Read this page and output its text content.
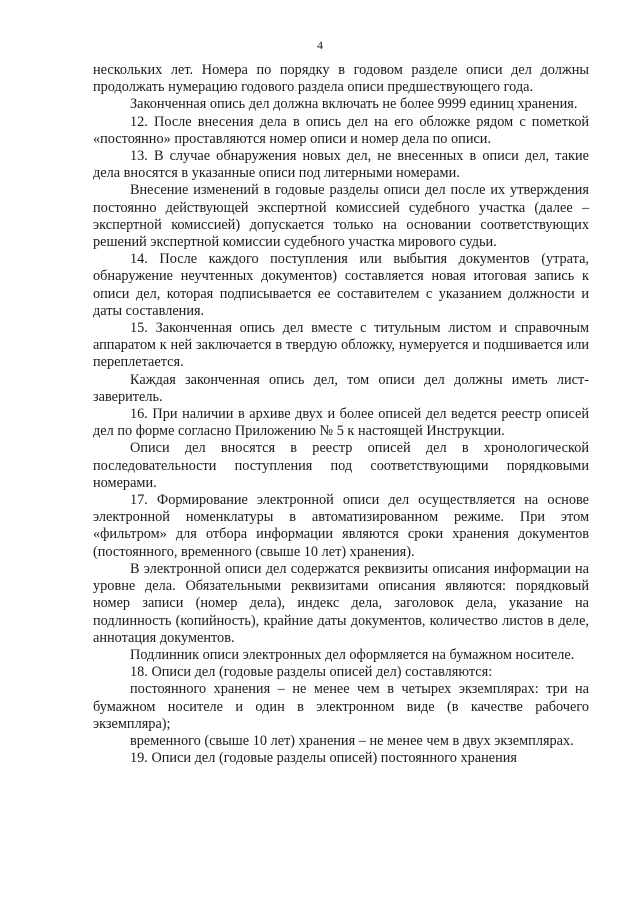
4

нескольких лет. Номера по порядку в годовом разделе описи дел должны продолжать нумерацию годового раздела описи предшествующего года.

Законченная опись дел должна включать не более 9999 единиц хранения.

12. После внесения дела в опись дел на его обложке рядом с пометкой «постоянно» проставляются номер описи и номер дела по описи.

13. В случае обнаружения новых дел, не внесенных в описи дел, такие дела вносятся в указанные описи под литерными номерами.

Внесение изменений в годовые разделы описи дел после их утверждения постоянно действующей экспертной комиссией судебного участка (далее – экспертной комиссией) допускается только на основании соответствующих решений экспертной комиссии судебного участка мирового судьи.

14. После каждого поступления или выбытия документов (утрата, обнаружение неучтенных документов) составляется новая итоговая запись к описи дел, которая подписывается ее составителем с указанием должности и даты составления.

15. Законченная опись дел вместе с титульным листом и справочным аппаратом к ней заключается в твердую обложку, нумеруется и подшивается или переплетается.

Каждая законченная опись дел, том описи дел должны иметь лист-заверитель.

16. При наличии в архиве двух и более описей дел ведется реестр описей дел по форме согласно Приложению № 5 к настоящей Инструкции.

Описи дел вносятся в реестр описей дел в хронологической последовательности поступления под соответствующими порядковыми номерами.

17. Формирование электронной описи дел осуществляется на основе электронной номенклатуры в автоматизированном режиме. При этом «фильтром» для отбора информации являются сроки хранения документов (постоянного, временного (свыше 10 лет) хранения).

В электронной описи дел содержатся реквизиты описания информации на уровне дела. Обязательными реквизитами описания являются: порядковый номер записи (номер дела), индекс дела, заголовок дела, указание на подлинность (копийность), крайние даты документов, количество листов в деле, аннотация документов.

Подлинник описи электронных дел оформляется на бумажном носителе.

18. Описи дел (годовые разделы описей дел) составляются:

постоянного хранения – не менее чем в четырех экземплярах: три на бумажном носителе и один в электронном виде (в качестве рабочего экземпляра);

временного (свыше 10 лет) хранения – не менее чем в двух экземплярах.

19. Описи дел (годовые разделы описей) постоянного хранения
